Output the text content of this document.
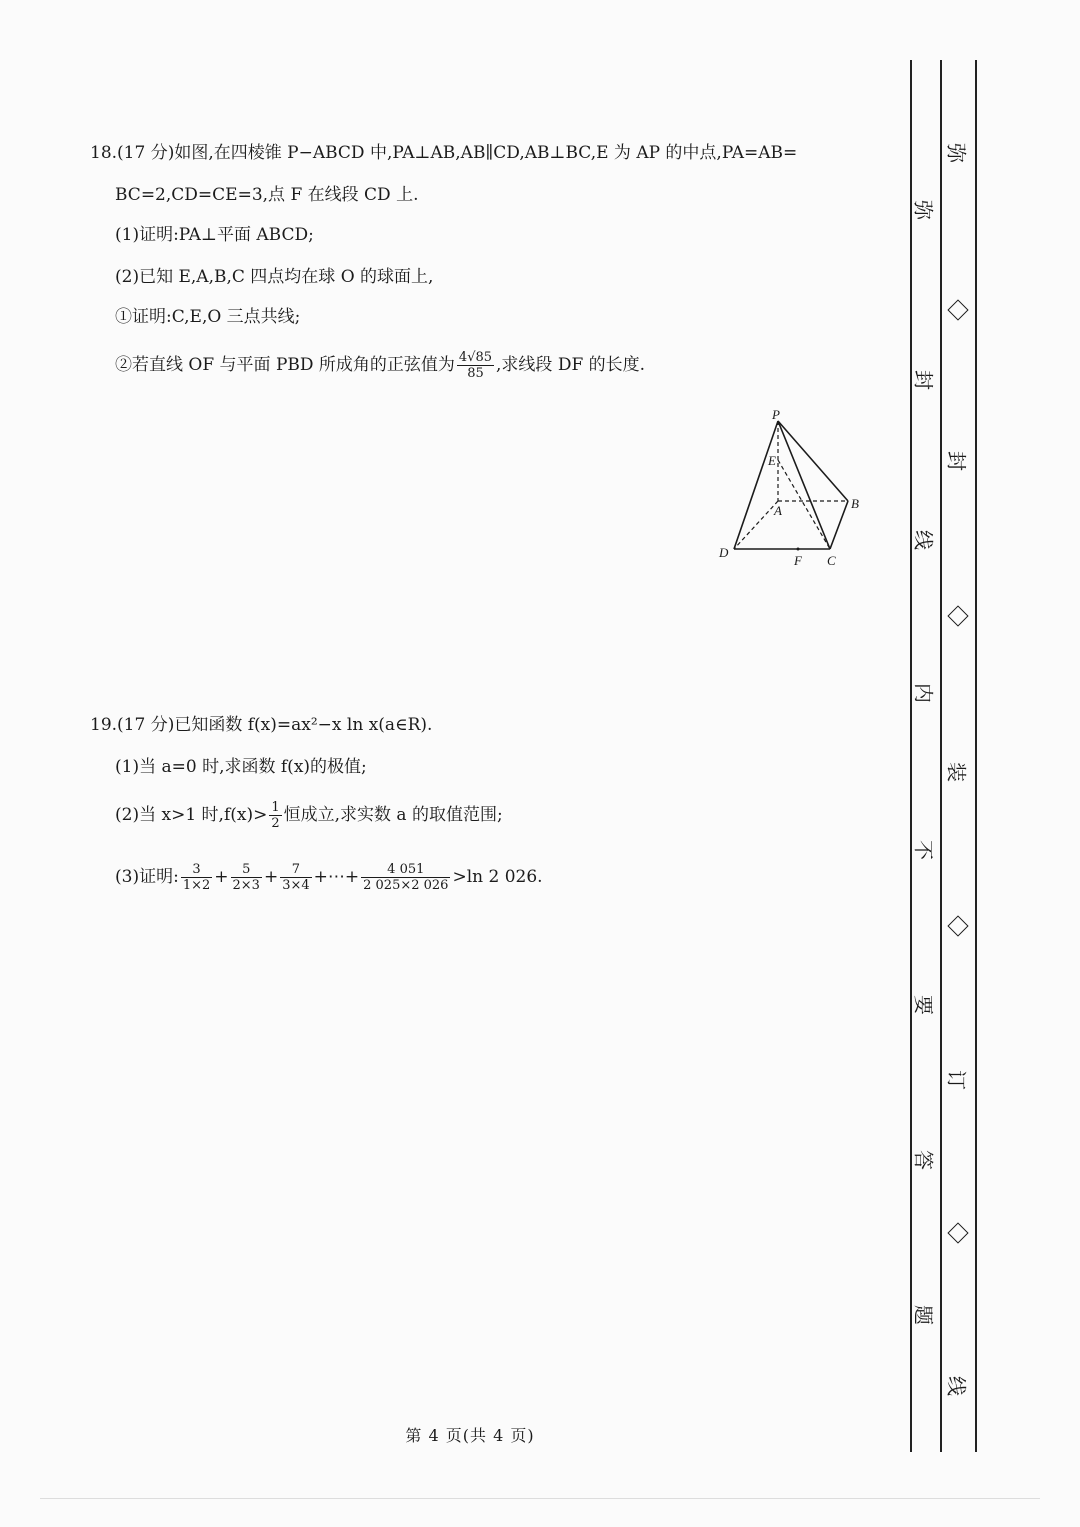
18.(17 分)如图,在四棱锥 P−ABCD 中,PA⊥AB,AB∥CD,AB⊥BC,E 为 AP 的中点,PA=AB=
BC=2,CD=CE=3,点 F 在线段 CD 上.
(1)证明:PA⊥平面 ABCD;
(2)已知 E,A,B,C 四点均在球 O 的球面上,
①证明:C,E,O 三点共线;
②若直线 OF 与平面 PBD 所成角的正弦值为 $\frac{4√85}{85}$ ,求线段 DF 的长度.
P
E
A	B
D
F C
19.(17 分)已知函数 f(x)=ax²−x ln x(a∈R).
(1)当 a=0 时,求函数 f(x)的极值;
(2)当 x>1 时$,f(x)> \frac{1}{2}$ 恒成立,求实数 a 的取值范围;
(3)证明: $\frac{3}{1\times 2} + \frac{5}{2\times 3} + \frac{7}{3\times 4}$ +⋯+ $\frac{4 051}{2 025\times 2 026} >\ln$ 2 026.
第 4 页(共 4 页)
弥
封
线
内
不
要
答
题
弥
封
装
订
线
